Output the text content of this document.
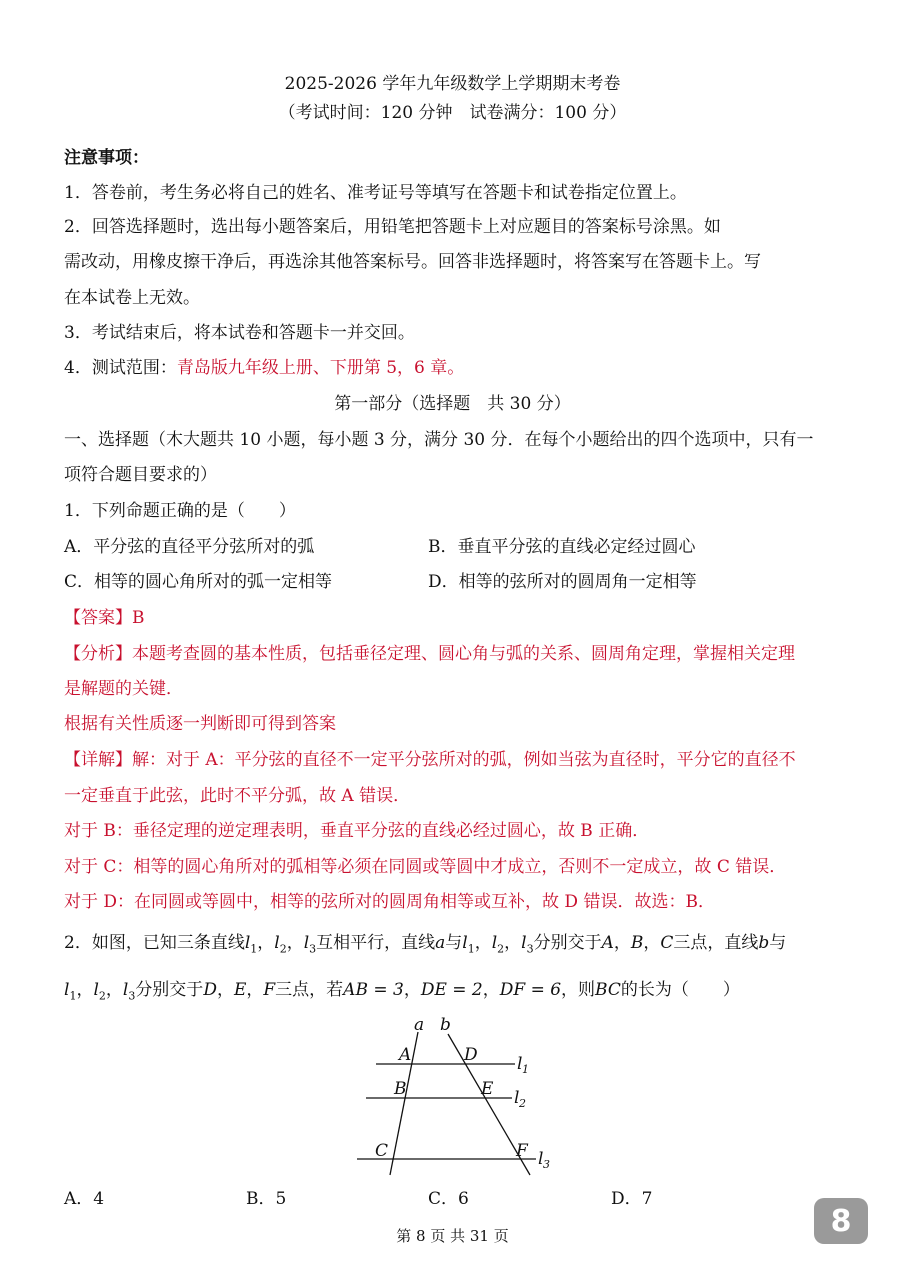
2025-2026 学年九年级数学上学期期末考卷
（考试时间：120 分钟　试卷满分：100 分）
注意事项：
1．答卷前，考生务必将自己的姓名、准考证号等填写在答题卡和试卷指定位置上。
2．回答选择题时，选出每小题答案后，用铅笔把答题卡上对应题目的答案标号涂黑。如
需改动，用橡皮擦干净后，再选涂其他答案标号。回答非选择题时，将答案写在答题卡上。写
在本试卷上无效。
3．考试结束后，将本试卷和答题卡一并交回。
4．测试范围：青岛版九年级上册、下册第 5，6 章。
第一部分（选择题　共 30 分）
一、选择题（木大题共 10 小题，每小题 3 分，满分 30 分．在每个小题给出的四个选项中，只有一
项符合题目要求的）
1．下列命题正确的是（　　）
A．平分弦的直径平分弦所对的弧	B．垂直平分弦的直线必定经过圆心
C．相等的圆心角所对的弧一定相等	D．相等的弦所对的圆周角一定相等
【答案】B
【分析】本题考查圆的基本性质，包括垂径定理、圆心角与弧的关系、圆周角定理，掌握相关定理
是解题的关键．
根据有关性质逐一判断即可得到答案
【详解】解：对于 A：平分弦的直径不一定平分弦所对的弧，例如当弦为直径时，平分它的直径不
一定垂直于此弦，此时不平分弧，故 A 错误．
对于 B：垂径定理的逆定理表明，垂直平分弦的直线必经过圆心，故 B 正确．
对于 C：相等的圆心角所对的弧相等必须在同圆或等圆中才成立，否则不一定成立，故 C 错误．
对于 D：在同圆或等圆中，相等的弦所对的圆周角相等或互补，故 D 错误．故选：B．
2．如图，已知三条直线$l_1$，$l_2$，$l_3$互相平行，直线a与$l_1$，$l_2$，$l_3$分别交于A，B，C三点，直线b与
$l_1$，$l_2$，$l_3$分别交于D，E，F三点，若AB = 3，DE = 2，DF = 6，则BC的长为（　　）
a b
A	D
B	E
C	F
l 1
l 2
l 3
A．4	B．5	C．6	D．7
第 8 页 共 31 页	8
